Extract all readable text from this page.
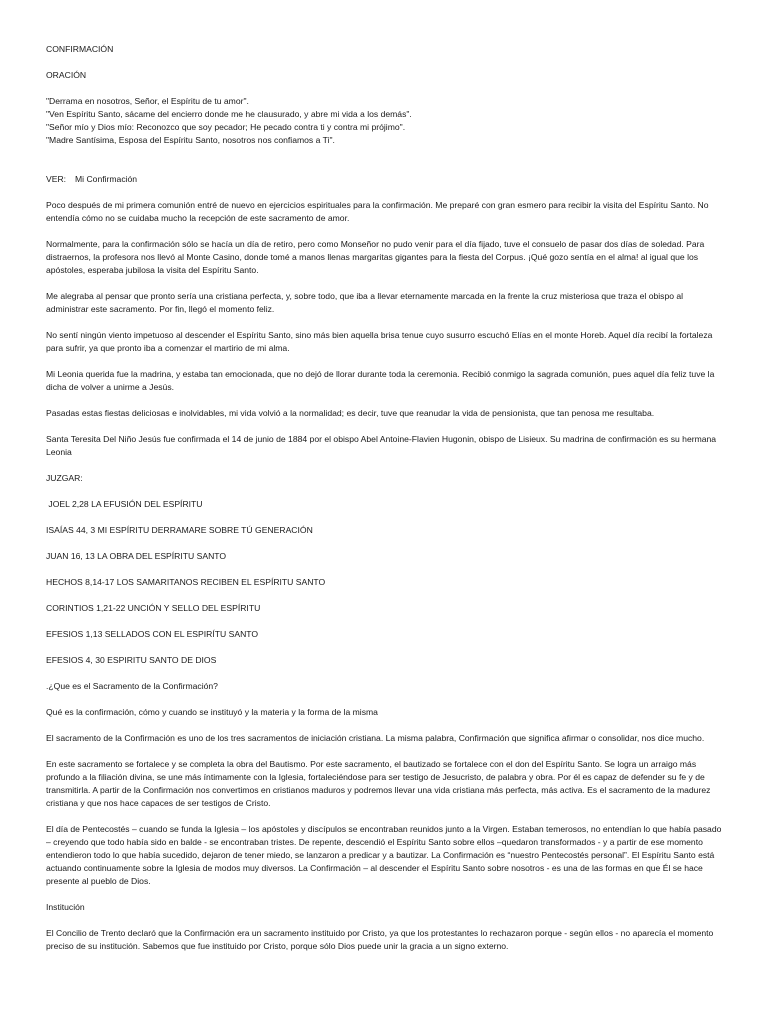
CONFIRMACIÓN

ORACIÓN

"Derrama en nosotros, Señor, el Espíritu de tu amor".

"Ven Espíritu Santo, sácame del encierro donde me he clausurado, y abre mi vida a los demás".

"Señor mío y Dios mío: Reconozco que soy pecador; He pecado contra ti y contra mi prójimo".

"Madre Santísima, Esposa del Espíritu Santo, nosotros nos confiamos a Ti".

VER: Mi Confirmación

Poco después de mi primera comunión entré de nuevo en ejercicios espirituales para la confirmación. Me preparé con gran esmero para recibir la visita del Espíritu Santo. No entendía cómo no se cuidaba mucho la recepción de este sacramento de amor.

Normalmente, para la confirmación sólo se hacía un día de retiro, pero como Monseñor no pudo venir para el día fijado, tuve el consuelo de pasar dos días de soledad. Para distraernos, la profesora nos llevó al Monte Casino, donde tomé a manos llenas margaritas gigantes para la fiesta del Corpus. ¡Qué gozo sentía en el alma! al igual que los apóstoles, esperaba jubilosa la visita del Espíritu Santo.

Me alegraba al pensar que pronto sería una cristiana perfecta, y, sobre todo, que iba a llevar eternamente marcada en la frente la cruz misteriosa que traza el obispo al administrar este sacramento. Por fin, llegó el momento feliz.

No sentí ningún viento impetuoso al descender el Espíritu Santo, sino más bien aquella brisa tenue cuyo susurro escuchó Elías en el monte Horeb. Aquel día recibí la fortaleza para sufrir, ya que pronto iba a comenzar el martirio de mi alma.

Mi Leonia querida fue la madrina, y estaba tan emocionada, que no dejó de llorar durante toda la ceremonia. Recibió conmigo la sagrada comunión, pues aquel día feliz tuve la dicha de volver a unirme a Jesús.

Pasadas estas fiestas deliciosas e inolvidables, mi vida volvió a la normalidad; es decir, tuve que reanudar la vida de pensionista, que tan penosa me resultaba.

Santa Teresita Del Niño Jesús fue confirmada el 14 de junio de 1884 por el obispo Abel Antoine-Flavien Hugonin, obispo de Lisieux. Su madrina de confirmación es su hermana Leonia

JUZGAR:

JOEL 2,28 LA EFUSIÓN DEL ESPÍRITU

ISAÍAS 44, 3 MI ESPÍRITU DERRAMARE SOBRE TÚ GENERACIÓN

JUAN 16, 13 LA OBRA DEL ESPÍRITU SANTO

HECHOS 8,14-17 LOS SAMARITANOS RECIBEN EL ESPÍRITU SANTO

CORINTIOS 1,21-22 UNCIÓN Y SELLO DEL ESPÍRITU

EFESIOS 1,13 SELLADOS CON EL ESPIRÍTU SANTO

EFESIOS 4, 30 ESPIRITU SANTO DE DIOS

.¿Que es el Sacramento de la Confirmación?

Qué es la confirmación, cómo y cuando se instituyó y la materia y la forma de la misma

El sacramento de la Confirmación es uno de los tres sacramentos de iniciación cristiana. La misma palabra, Confirmación que significa afirmar o consolidar, nos dice mucho.

En este sacramento se fortalece y se completa la obra del Bautismo. Por este sacramento, el bautizado se fortalece con el don del Espíritu Santo. Se logra un arraigo más profundo a la filiación divina, se une más íntimamente con la Iglesia, fortaleciéndose para ser testigo de Jesucristo, de palabra y obra. Por él es capaz de defender su fe y de transmitirla. A partir de la Confirmación nos convertimos en cristianos maduros y podremos llevar una vida cristiana más perfecta, más activa. Es el sacramento de la madurez cristiana y que nos hace capaces de ser testigos de Cristo.

El día de Pentecostés – cuando se funda la Iglesia – los apóstoles y discípulos se encontraban reunidos junto a la Virgen. Estaban temerosos, no entendían lo que había pasado – creyendo que todo había sido en balde - se encontraban tristes. De repente, descendió el Espíritu Santo sobre ellos –quedaron transformados - y a partir de ese momento entendieron todo lo que había sucedido, dejaron de tener miedo, se lanzaron a predicar y a bautizar. La Confirmación es “nuestro Pentecostés personal”. El Espíritu Santo está actuando continuamente sobre la Iglesia de modos muy diversos. La Confirmación – al descender el Espíritu Santo sobre nosotros - es una de las formas en que Él se hace presente al pueblo de Dios.

Institución

El Concilio de Trento declaró que la Confirmación era un sacramento instituido por Cristo, ya que los protestantes lo rechazaron porque - según ellos - no aparecía el momento preciso de su institución. Sabemos que fue instituido por Cristo, porque sólo Dios puede unir la gracia a un signo externo.
